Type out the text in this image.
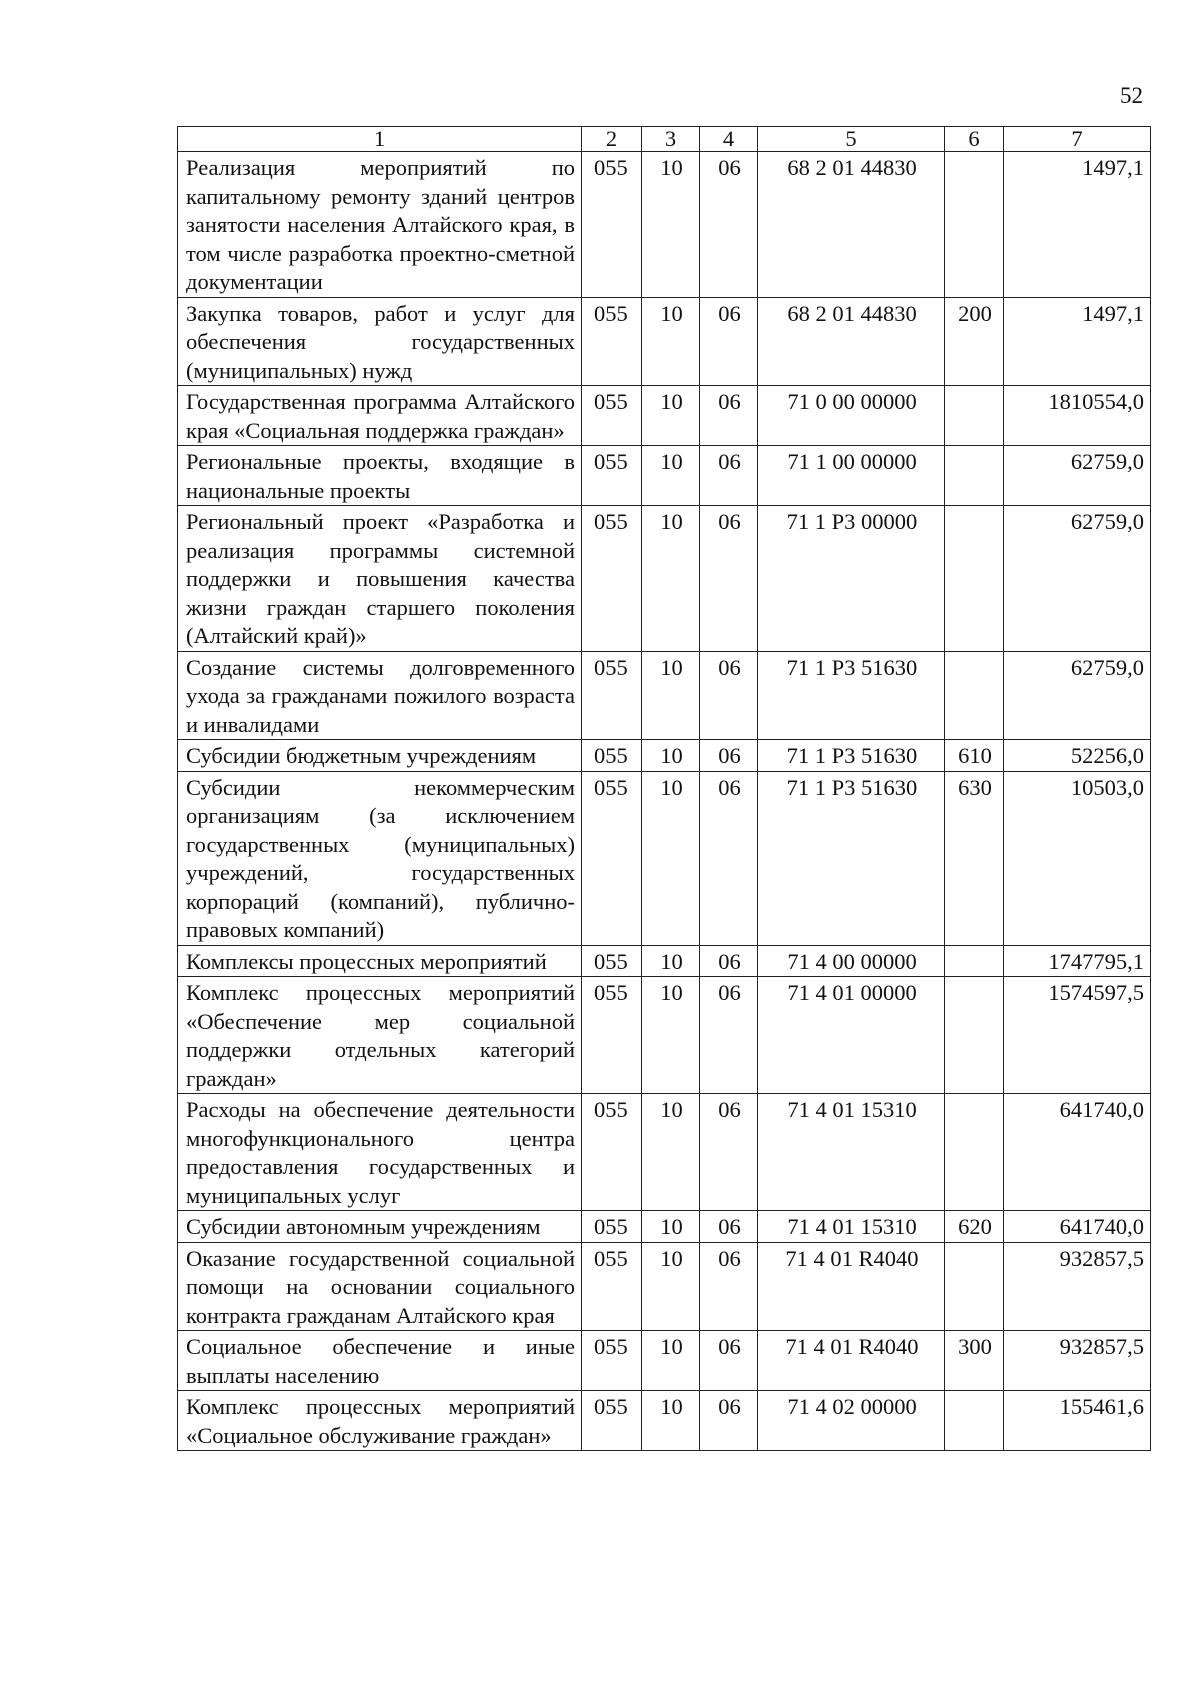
52
1	2	3	4	5	6	7
Реализация мероприятий по капитальному ремонту зданий центров занятости населения Алтайского края, в том числе разработка проектно-сметной документации	055	10	06	68 2 01 44830		1497,1
Закупка товаров, работ и услуг для обеспечения государственных (муниципальных) нужд	055	10	06	68 2 01 44830	200	1497,1
Государственная программа Алтайского края «Социальная поддержка граждан»	055	10	06	71 0 00 00000		1810554,0
Региональные проекты, входящие в национальные проекты	055	10	06	71 1 00 00000		62759,0
Региональный проект «Разработка и реализация программы системной поддержки и повышения качества жизни граждан старшего поколения (Алтайский край)»	055	10	06	71 1 P3 00000		62759,0
Создание системы долговременного ухода за гражданами пожилого возраста и инвалидами	055	10	06	71 1 P3 51630		62759,0
Субсидии бюджетным учреждениям	055	10	06	71 1 P3 51630	610	52256,0
Субсидии некоммерческим организациям (за исключением государственных (муниципальных) учреждений, государственных корпораций (компаний), публично-правовых компаний)	055	10	06	71 1 P3 51630	630	10503,0
Комплексы процессных мероприятий	055	10	06	71 4 00 00000		1747795,1
Комплекс процессных мероприятий «Обеспечение мер социальной поддержки отдельных категорий граждан»	055	10	06	71 4 01 00000		1574597,5
Расходы на обеспечение деятельности многофункционального центра предоставления государственных и муниципальных услуг	055	10	06	71 4 01 15310		641740,0
Субсидии автономным учреждениям	055	10	06	71 4 01 15310	620	641740,0
Оказание государственной социальной помощи на основании социального контракта гражданам Алтайского края	055	10	06	71 4 01 R4040		932857,5
Социальное обеспечение и иные выплаты населению	055	10	06	71 4 01 R4040	300	932857,5
Комплекс процессных мероприятий «Социальное обслуживание граждан»	055	10	06	71 4 02 00000		155461,6
